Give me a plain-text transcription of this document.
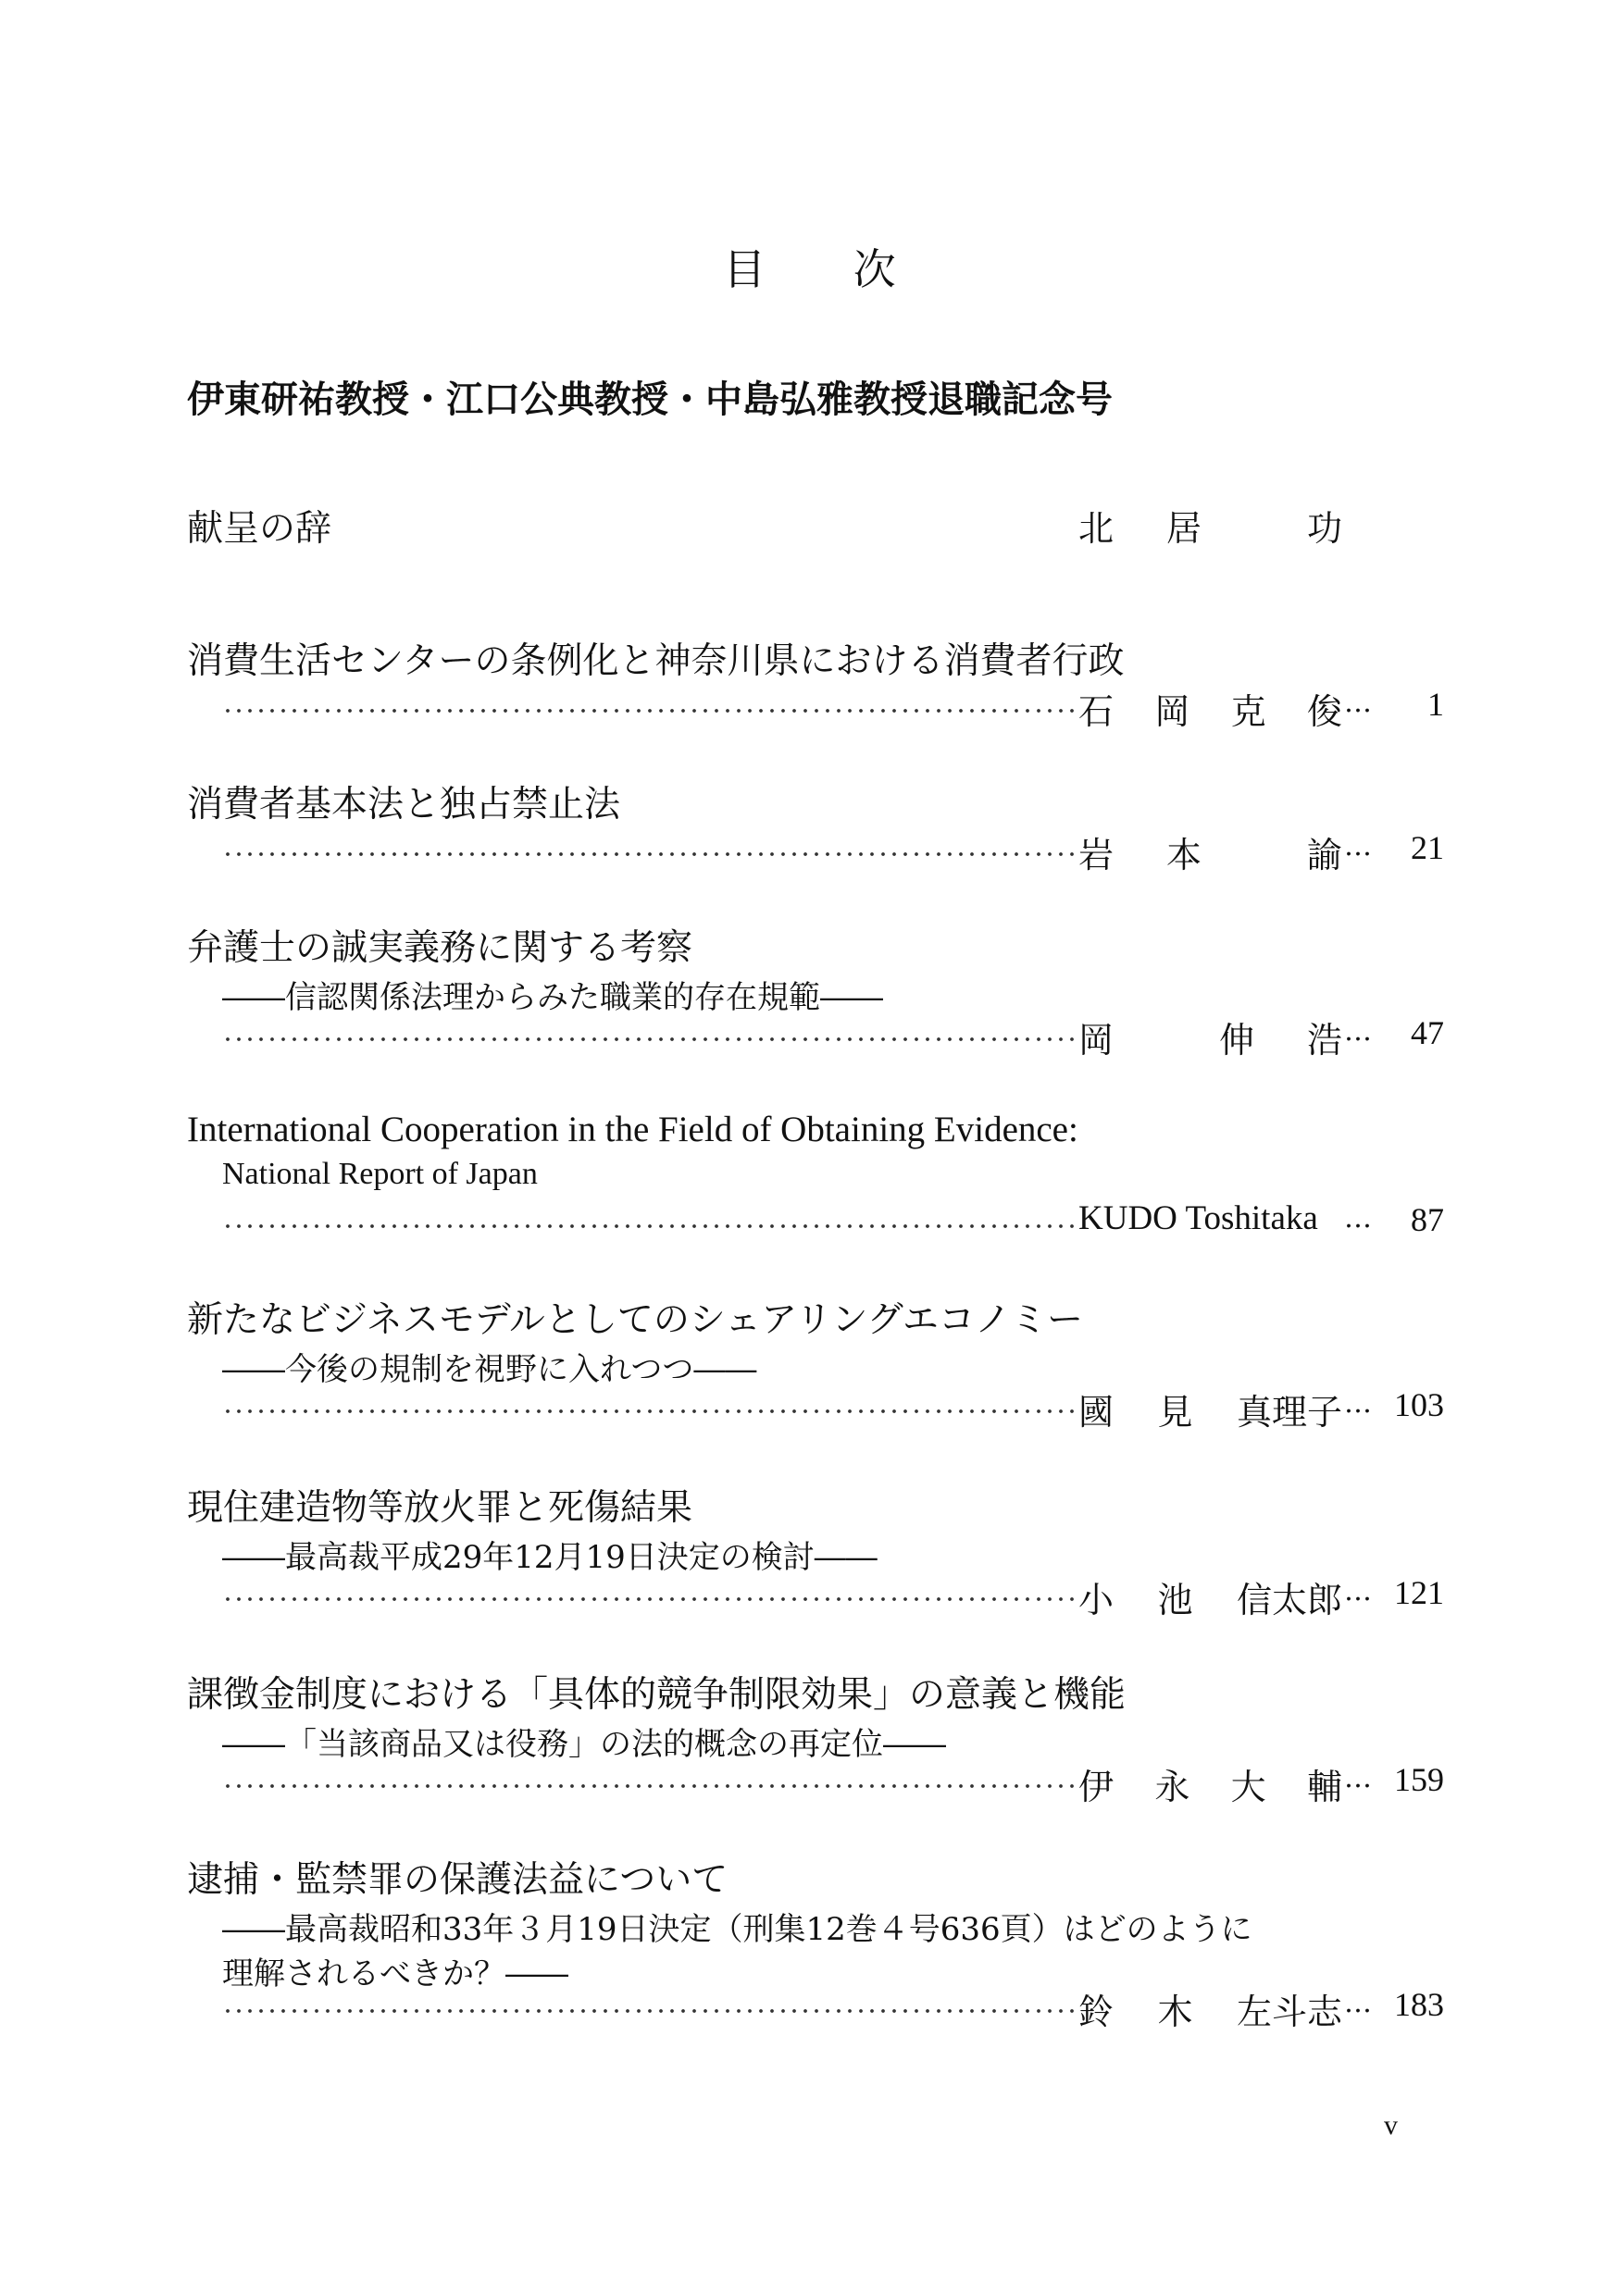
目 次
伊東研祐教授・江口公典教授・中島弘雅教授退職記念号
献呈の辞	北 居	功
消費生活センターの条例化と神奈川県における消費者行政
石 岡 克 俊 …	1
消費者基本法と独占禁止法
岩 本	諭 …	21
弁護士の誠実義務に関する考察
――信認関係法理からみた職業的存在規範――
岡	伸 浩 …	47
International Cooperation in the Field of Obtaining Evidence:
National Report of Japan
KUDO Toshitaka …	87
新たなビジネスモデルとしてのシェアリングエコノミー
――今後の規制を視野に入れつつ――
國 見 真理子 … 103
現住建造物等放火罪と死傷結果
――最高裁平成29年12月19日決定の検討――
小 池 信太郎 … 121
課徴金制度における「具体的競争制限効果」の意義と機能
――「当該商品又は役務」の法的概念の再定位――
伊 永 大 輔 … 159
逮捕・監禁罪の保護法益について
――最高裁昭和33年３月19日決定（刑集12巻４号636頁）はどのように
理解されるべきか？――
鈴 木 左斗志 … 183
v
